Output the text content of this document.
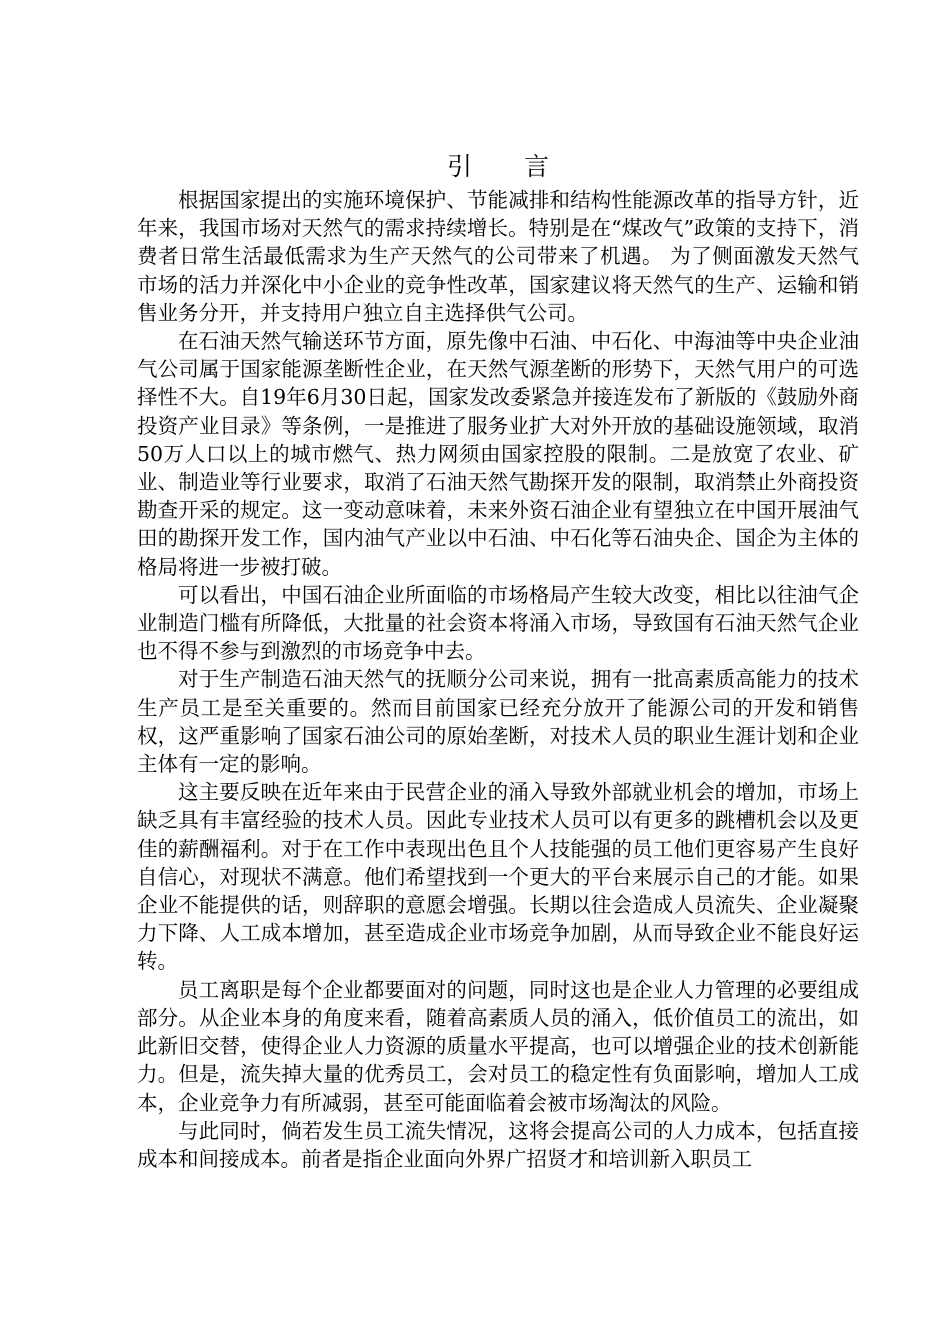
引 言

根据国家提出的实施环境保护、节能减排和结构性能源改革的指导方针，近年来，我国市场对天然气的需求持续增长。特别是在“煤改气”政策的支持下，消费者日常生活最低需求为生产天然气的公司带来了机遇。 为了侧面激发天然气市场的活力并深化中小企业的竞争性改革，国家建议将天然气的生产、运输和销售业务分开，并支持用户独立自主选择供气公司。

在石油天然气输送环节方面，原先像中石油、中石化、中海油等中央企业油气公司属于国家能源垄断性企业，在天然气源垄断的形势下，天然气用户的可选择性不大。自19年6月30日起，国家发改委紧急并接连发布了新版的《鼓励外商投资产业目录》等条例，一是推进了服务业扩大对外开放的基础设施领域，取消50万人口以上的城市燃气、热力网须由国家控股的限制。二是放宽了农业、矿业、制造业等行业要求，取消了石油天然气勘探开发的限制，取消禁止外商投资勘查开采的规定。这一变动意味着，未来外资石油企业有望独立在中国开展油气田的勘探开发工作，国内油气产业以中石油、中石化等石油央企、国企为主体的格局将进一步被打破。

可以看出，中国石油企业所面临的市场格局产生较大改变，相比以往油气企业制造门槛有所降低，大批量的社会资本将涌入市场，导致国有石油天然气企业也不得不参与到激烈的市场竞争中去。

对于生产制造石油天然气的抚顺分公司来说，拥有一批高素质高能力的技术生产员工是至关重要的。然而目前国家已经充分放开了能源公司的开发和销售权，这严重影响了国家石油公司的原始垄断，对技术人员的职业生涯计划和企业主体有一定的影响。

这主要反映在近年来由于民营企业的涌入导致外部就业机会的增加，市场上缺乏具有丰富经验的技术人员。因此专业技术人员可以有更多的跳槽机会以及更佳的薪酬福利。对于在工作中表现出色且个人技能强的员工他们更容易产生良好自信心，对现状不满意。他们希望找到一个更大的平台来展示自己的才能。如果企业不能提供的话，则辞职的意愿会增强。长期以往会造成人员流失、企业凝聚力下降、人工成本增加，甚至造成企业市场竞争加剧，从而导致企业不能良好运转。

员工离职是每个企业都要面对的问题，同时这也是企业人力管理的必要组成部分。从企业本身的角度来看，随着高素质人员的涌入，低价值员工的流出，如此新旧交替，使得企业人力资源的质量水平提高，也可以增强企业的技术创新能力。但是，流失掉大量的优秀员工，会对员工的稳定性有负面影响，增加人工成本，企业竞争力有所减弱，甚至可能面临着会被市场淘汰的风险。

与此同时，倘若发生员工流失情况，这将会提高公司的人力成本，包括直接成本和间接成本。前者是指企业面向外界广招贤才和培训新入职员工
